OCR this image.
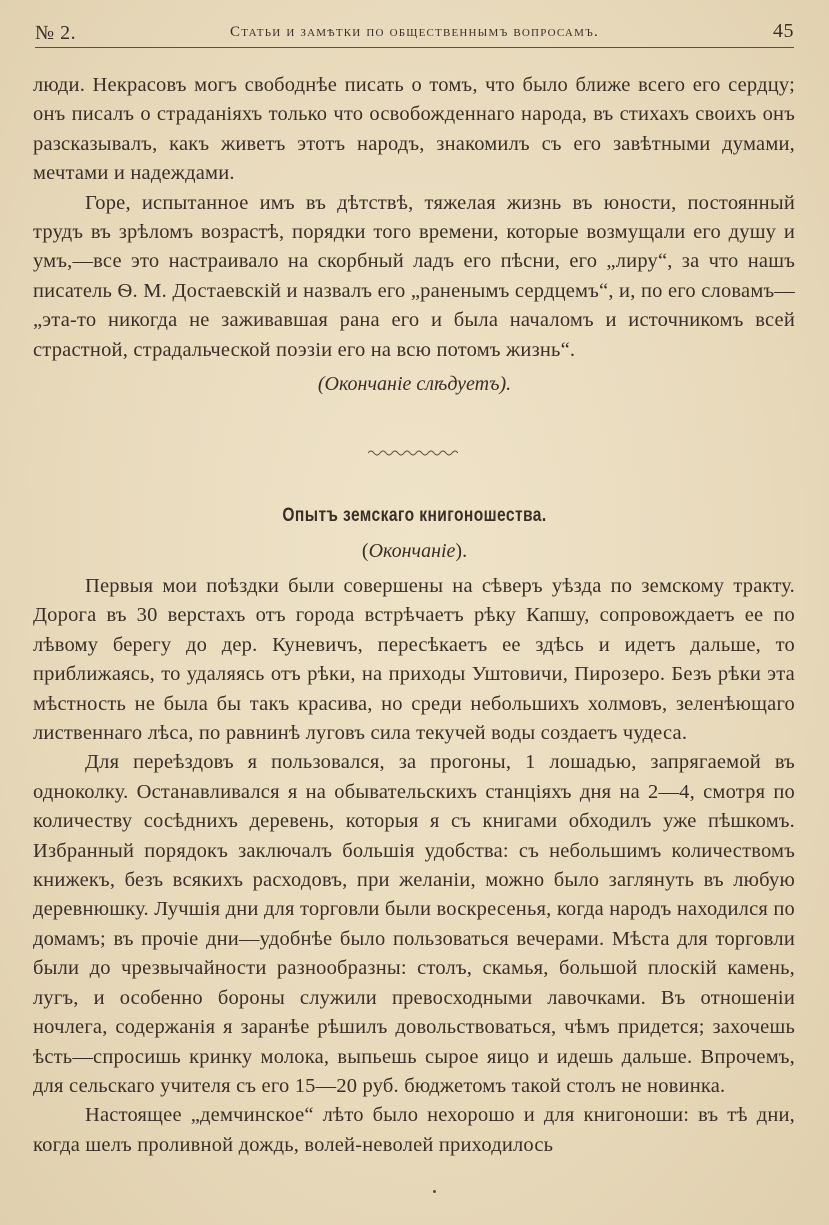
№ 2.	Статьи и замѣтки по общественнымъ вопросамъ.	45

люди. Некрасовъ могъ свободнѣе писать о томъ, что было ближе всего его сердцу; онъ писалъ о страданіяхъ только что освобожденнаго народа, въ стихахъ своихъ онъ разсказывалъ, какъ живетъ этотъ народъ, знакомилъ съ его завѣтными думами, мечтами и надеждами.

Горе, испытанное имъ въ дѣтствѣ, тяжелая жизнь въ юности, постоянный трудъ въ зрѣломъ возрастѣ, порядки того времени, которые возмущали его душу и умъ,—все это настраивало на скорбный ладъ его пѣсни, его „лиру“, за что нашъ писатель Ѳ. М. Достаевскій и назвалъ его „раненымъ сердцемъ“, и, по его словамъ—„эта-то никогда не заживавшая рана его и была началомъ и источникомъ всей страстной, страдальческой поэзіи его на всю потомъ жизнь“.

(Окончаніе слѣдуетъ).
Опытъ земскаго книгоношества.
(Окончаніе).

Первыя мои поѣздки были совершены на сѣверъ уѣзда по земскому тракту. Дорога въ 30 верстахъ отъ города встрѣчаетъ рѣку Капшу, сопровождаетъ ее по лѣвому берегу до дер. Куневичъ, пересѣкаетъ ее здѣсь и идетъ дальше, то приближаясь, то удаляясь отъ рѣки, на приходы Уштовичи, Пирозеро. Безъ рѣки эта мѣстность не была бы такъ красива, но среди небольшихъ холмовъ, зеленѣющаго лиственнаго лѣса, по равнинѣ луговъ сила текучей воды создаетъ чудеса.

Для переѣздовъ я пользовался, за прогоны, 1 лошадью, запрягаемой въ одноколку. Останавливался я на обывательскихъ станціяхъ дня на 2—4, смотря по количеству сосѣднихъ деревень, которыя я съ книгами обходилъ уже пѣшкомъ. Избранный порядокъ заключалъ большія удобства: съ небольшимъ количествомъ книжекъ, безъ всякихъ расходовъ, при желаніи, можно было заглянуть въ любую деревнюшку. Лучшія дни для торговли были воскресенья, когда народъ находился по домамъ; въ прочіе дни—удобнѣе было пользоваться вечерами. Мѣста для торговли были до чрезвычайности разнообразны: столъ, скамья, большой плоскій камень, лугъ, и особенно бороны служили превосходными лавочками. Въ отношеніи ночлега, содержанія я заранѣе рѣшилъ довольствоваться, чѣмъ придется; захочешь ѣсть—спросишь кринку молока, выпьешь сырое яицо и идешь дальше. Впрочемъ, для сельскаго учителя съ его 15—20 руб. бюджетомъ такой столъ не новинка.

Настоящее „демчинское“ лѣто было нехорошо и для книгоноши: въ тѣ дни, когда шелъ проливной дождь, волей-неволей приходилось
